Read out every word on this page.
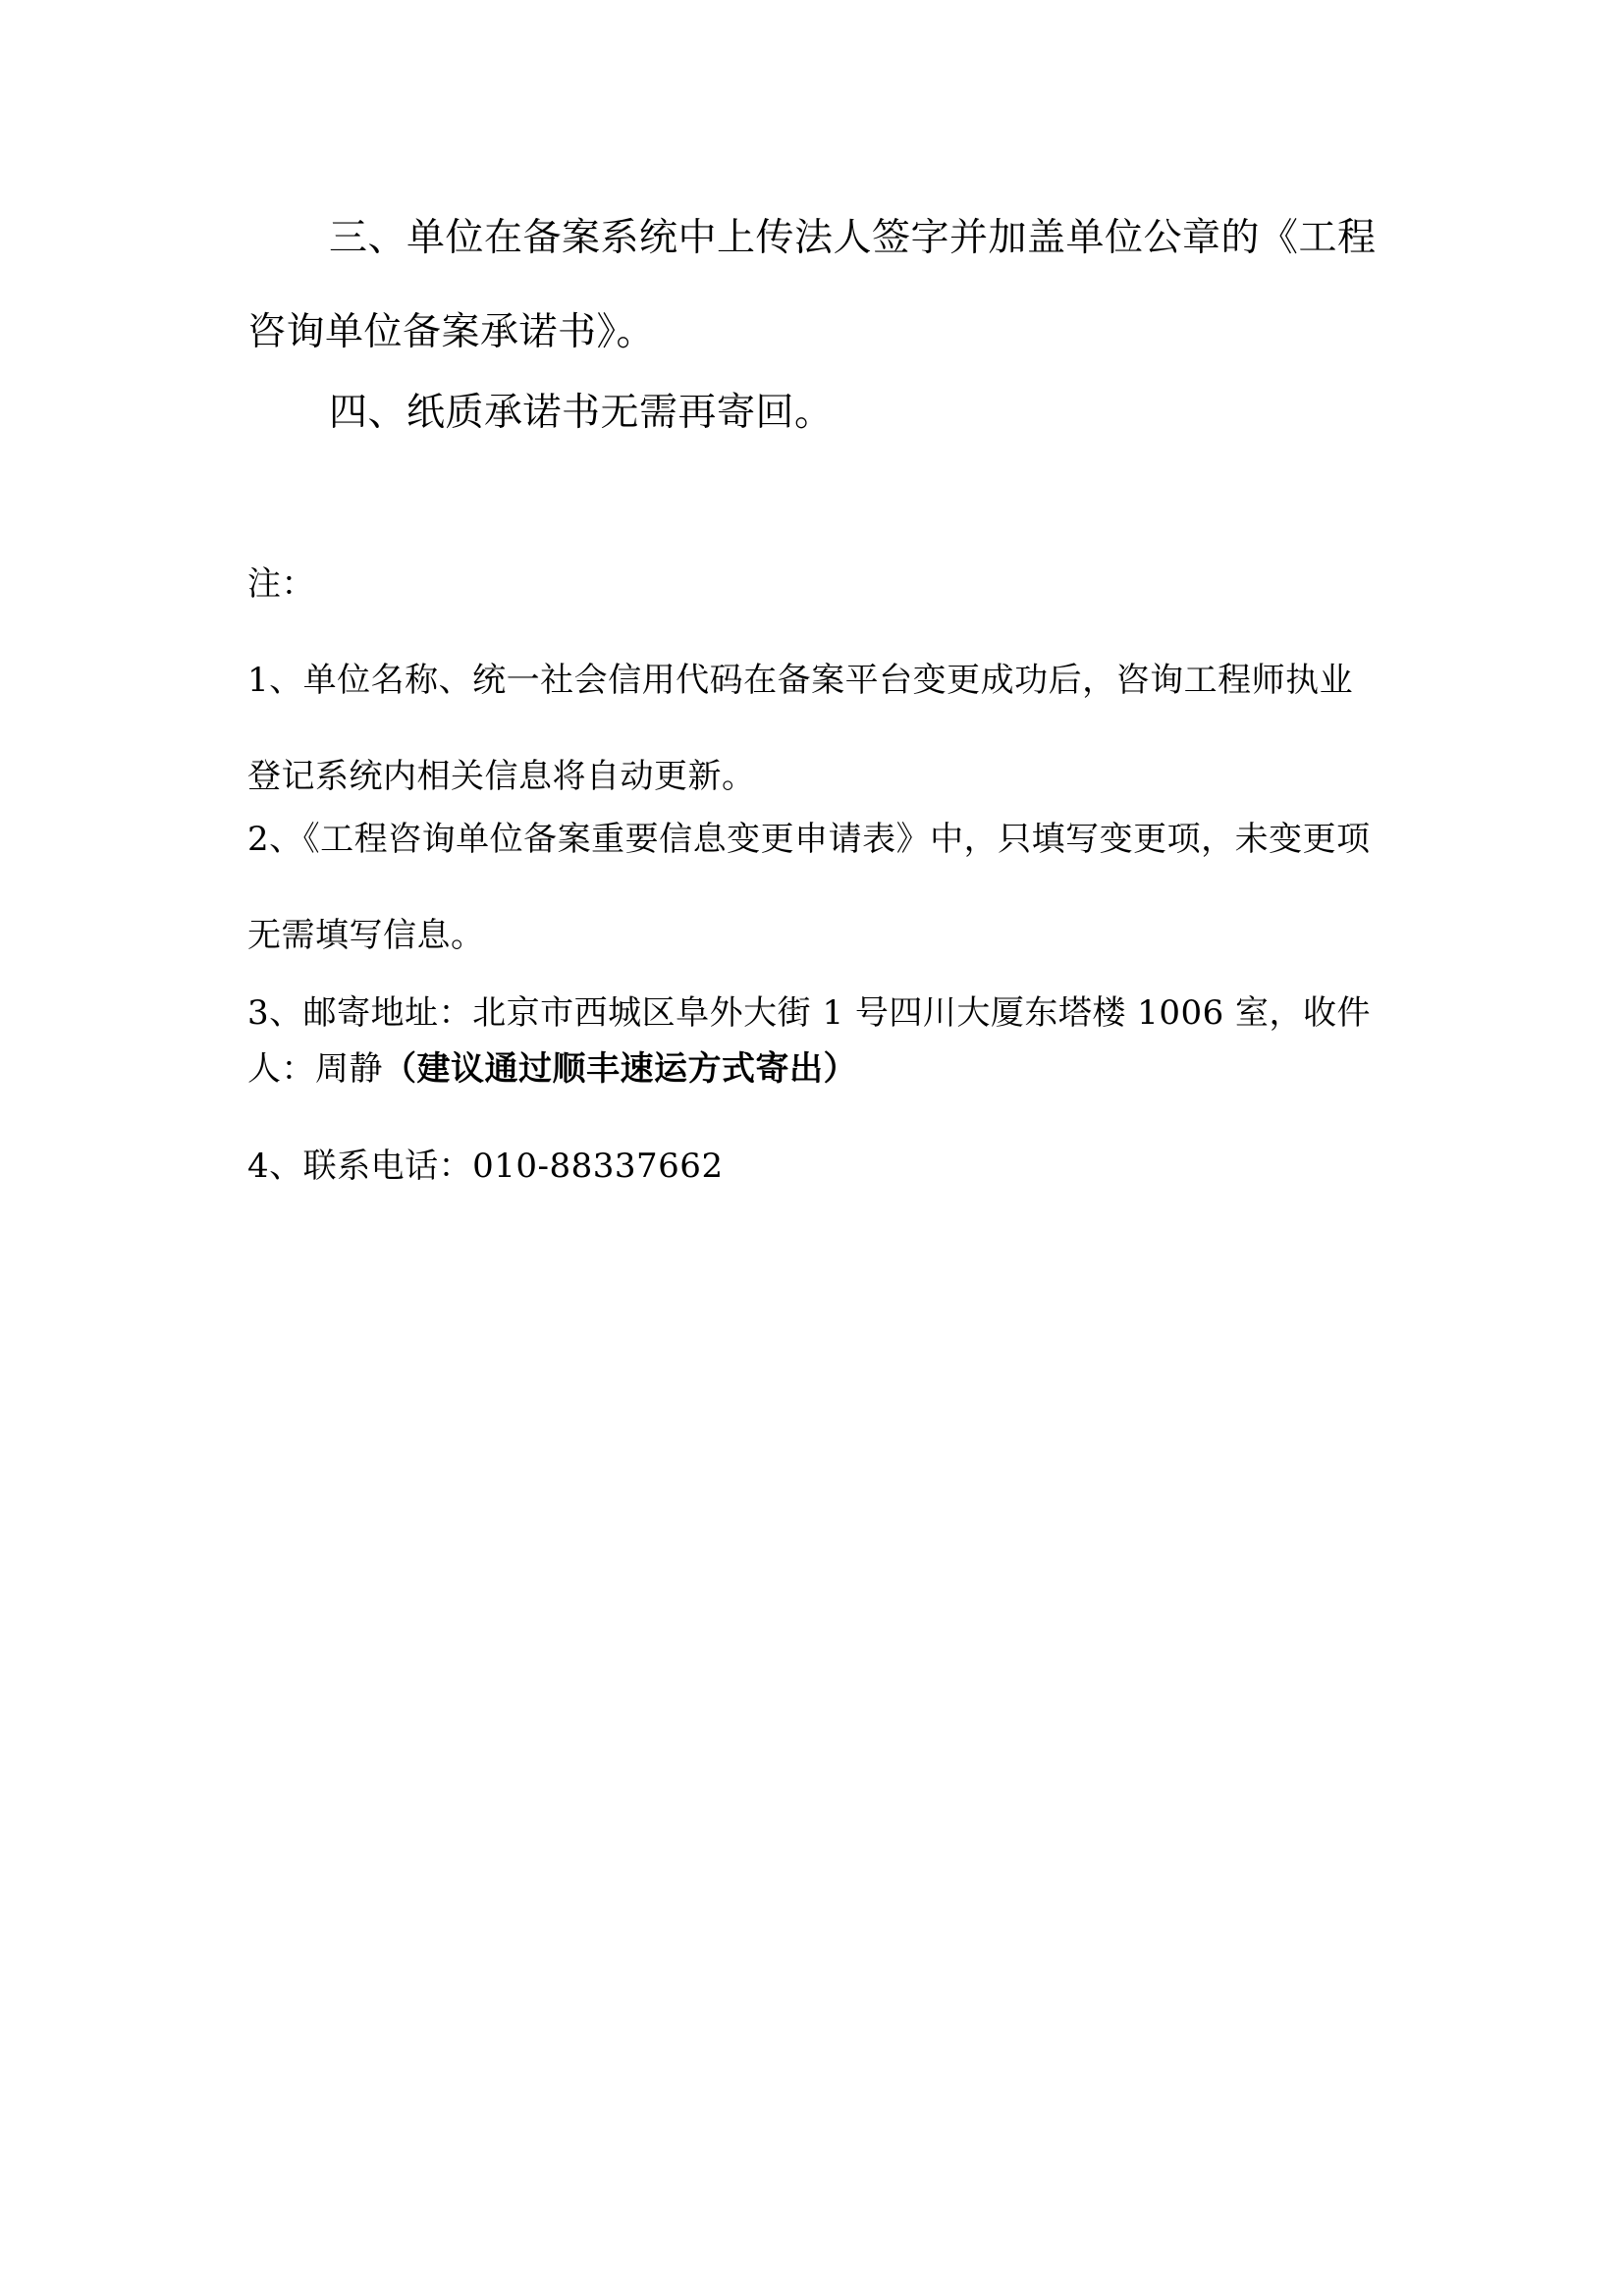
三、单位在备案系统中上传法人签字并加盖单位公章的《工程咨询单位备案承诺书》。

四、纸质承诺书无需再寄回。

注：

1、单位名称、统一社会信用代码在备案平台变更成功后，咨询工程师执业登记系统内相关信息将自动更新。

2、《工程咨询单位备案重要信息变更申请表》中，只填写变更项，未变更项无需填写信息。

3、邮寄地址：北京市西城区阜外大街 1 号四川大厦东塔楼 1006 室，收件人：周静（建议通过顺丰速运方式寄出）

4、联系电话：010-88337662
